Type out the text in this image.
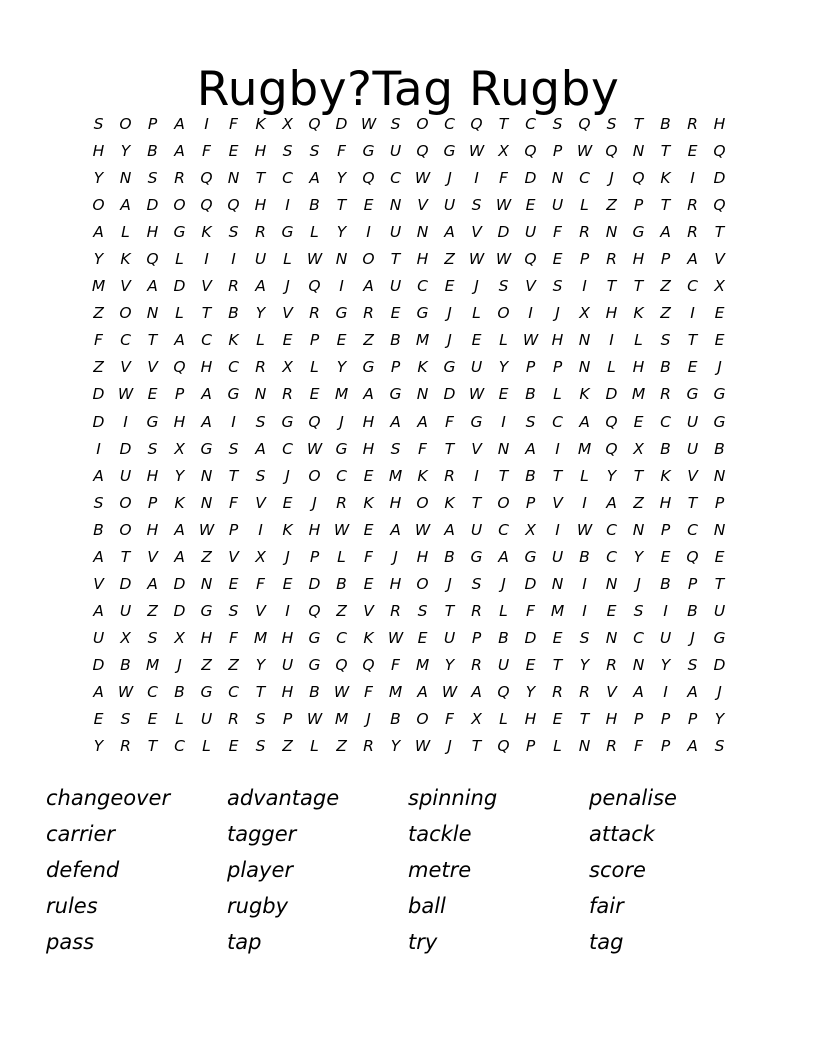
Rugby?Tag Rugby
S	O	P	A	I	F	K	X	Q D W S	O C Q	T	C	S	Q	S	T	B	R	H
H	Y	B	A	F	E	H	S	S	F	G U Q G W X	Q	P W Q N	T	E	Q
Y	N	S	R	Q N	T	C	A	Y	Q C W	J	I	F	D N	C	J	Q	K	I	D
O	A	D O Q Q H	I	B	T	E	N	V	U	S W E	U	L	Z	P	T	R	Q
A	L	H G	K	S	R	G	L	Y	I	U	N	A	V	D U	F	R	N G	A	R	T
Y	K	Q	L	I	I	U	L W N O	T	H	Z W W Q	E	P	R	H	P	A	V
M V	A	D	V	R	A	J	Q	I	A	U	C	E	J	S	V	S	I	T	T	Z	C	X
Z	O N	L	T	B	Y	V	R	G	R	E	G	J	L	O	I	J	X	H	K	Z	I	E
F	C	T	A	C	K	L	E	P	E	Z	B M	J	E	L W H N	I	L	S	T	E
Z	V	V	Q H	C	R	X	L	Y	G	P	K	G U	Y	P	P	N	L	H	B	E	J
D W E	P	A	G N	R	E M A	G N D W E	B	L	K	D M R	G G
D	I	G H	A	I	S	G Q	J	H	A	A	F	G	I	S	C	A	Q	E	C	U G
I	D	S	X	G	S	A	C W G H	S	F	T	V	N	A	I	M Q	X	B	U	B
A	U	H	Y	N	T	S	J	O C	E M K	R	I	T	B	T	L	Y	T	K	V	N
S	O	P	K	N	F	V	E	J	R	K	H O	K	T	O	P	V	I	A	Z	H	T	P
B	O H	A W P	I	K	H W E	A W A	U	C	X	I	W C	N	P	C	N
A	T	V	A	Z	V	X	J	P	L	F	J	H	B	G	A	G U	B	C	Y	E	Q	E
V	D	A	D N	E	F	E	D	B	E	H O	J	S	J	D N	I	N	J	B	P	T
A	U	Z	D G	S	V	I	Q	Z	V	R	S	T	R	L	F	M	I	E	S	I	B	U
U	X	S	X	H	F	M H G	C	K W E	U	P	B	D	E	S	N	C	U	J	G
D	B M	J	Z	Z	Y	U G Q Q	F	M	Y	R	U	E	T	Y	R	N	Y	S	D
A W C	B	G	C	T	H	B W F	M A W A	Q	Y	R	R	V	A	I	A	J
E	S	E	L	U	R	S	P W M	J	B	O	F	X	L	H	E	T	H	P	P	P	Y
Y	R	T	C	L	E	S	Z	L	Z	R	Y W	J	T	Q	P	L	N	R	F	P	A	S
changeover	advantage	spinning	penalise
carrier	tagger	tackle	attack
defend	player	metre	score
rules	rugby	ball	fair
pass	tap	try	tag
